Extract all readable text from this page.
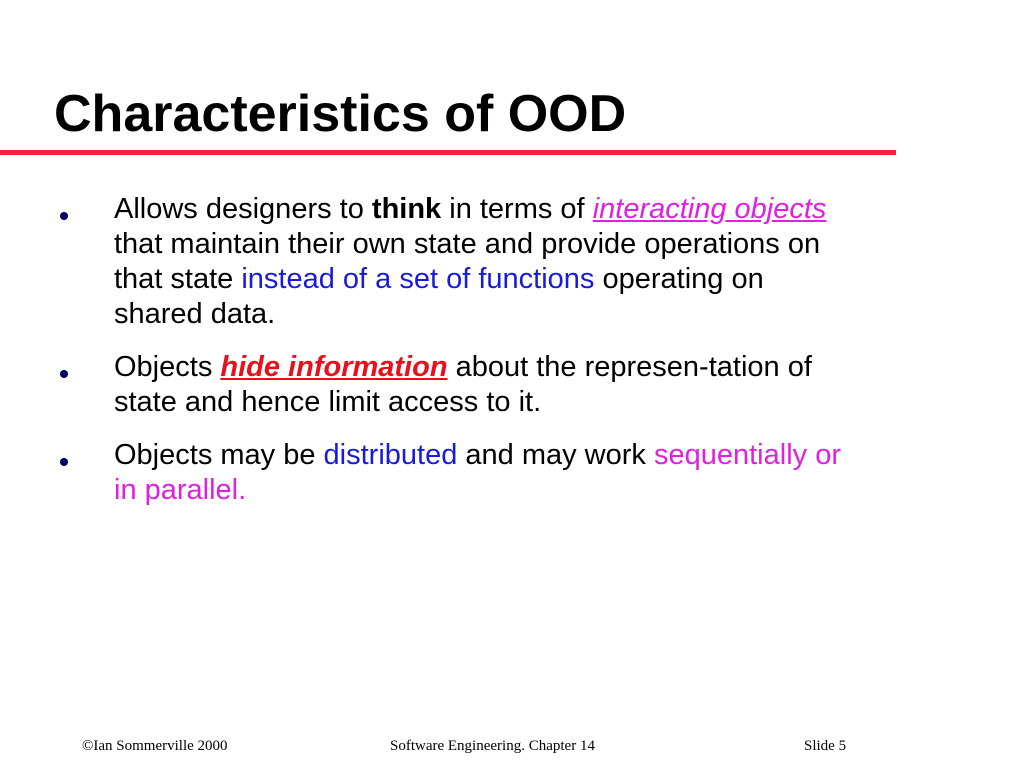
Characteristics of OOD
Allows designers to think in terms of interacting objects that maintain their own state and provide operations on that state instead of a set of functions operating on shared data.
Objects hide information about the represen-tation of state and hence limit access to it.
Objects may be distributed and may work sequentially or in parallel.
©Ian Sommerville 2000	Software Engineering. Chapter 14	Slide 5
